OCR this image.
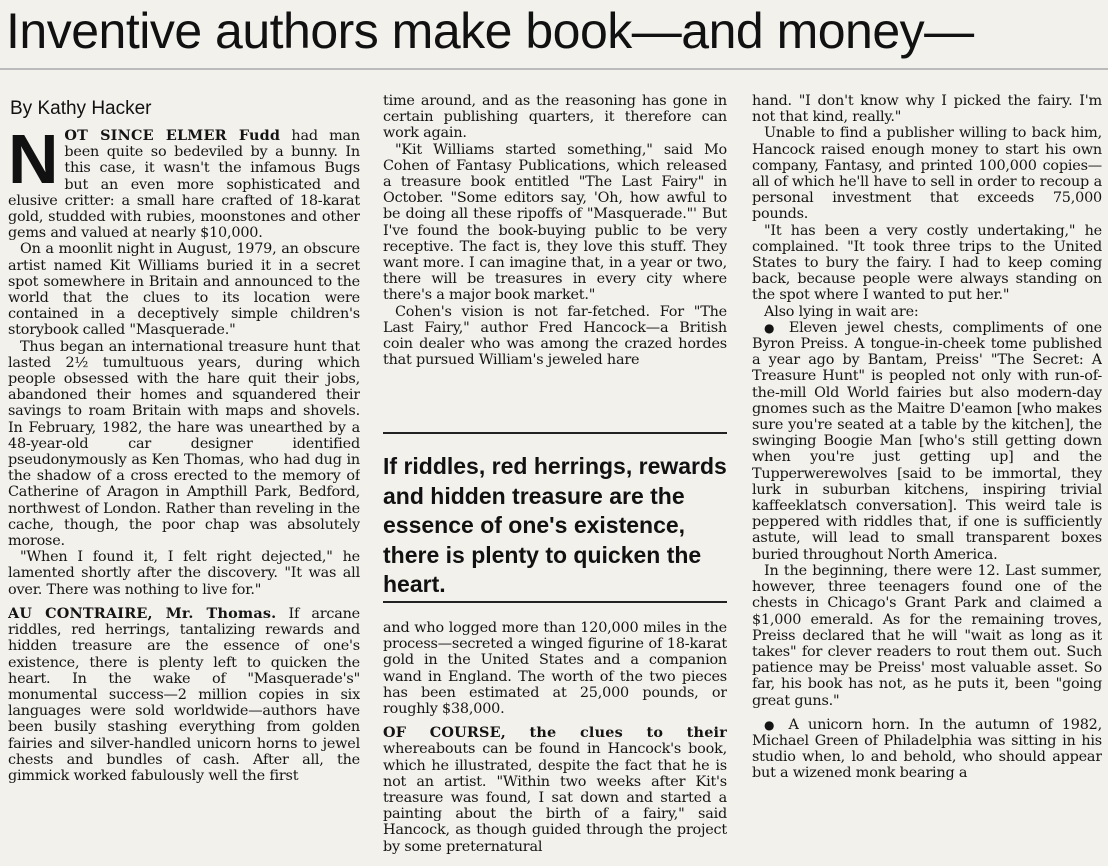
Inventive authors make book—and money—
By Kathy Hacker

NOT SINCE ELMER Fudd had man been quite so bedeviled by a bunny. In this case, it wasn't the infamous Bugs but an even more sophisticated and elusive critter: a small hare crafted of 18-karat gold, studded with rubies, moonstones and other gems and valued at nearly $10,000.

On a moonlit night in August, 1979, an obscure artist named Kit Williams buried it in a secret spot somewhere in Britain and announced to the world that the clues to its location were contained in a deceptively simple children's storybook called "Masquerade."

Thus began an international treasure hunt that lasted 2½ tumultuous years, during which people obsessed with the hare quit their jobs, abandoned their homes and squandered their savings to roam Britain with maps and shovels. In February, 1982, the hare was unearthed by a 48-year-old car designer identified pseudonymously as Ken Thomas, who had dug in the shadow of a cross erected to the memory of Catherine of Aragon in Ampthill Park, Bedford, northwest of London. Rather than reveling in the cache, though, the poor chap was absolutely morose.

"When I found it, I felt right dejected," he lamented shortly after the discovery. "It was all over. There was nothing to live for."

AU CONTRAIRE, Mr. Thomas. If arcane riddles, red herrings, tantalizing rewards and hidden treasure are the essence of one's existence, there is plenty left to quicken the heart. In the wake of "Masquerade's" monumental success—2 million copies in six languages were sold worldwide—authors have been busily stashing everything from golden fairies and silver-handled unicorn horns to jewel chests and bundles of cash. After all, the gimmick worked fabulously well the first

time around, and as the reasoning has gone in certain publishing quarters, it therefore can work again.

"Kit Williams started something," said Mo Cohen of Fantasy Publications, which released a treasure book entitled "The Last Fairy" in October. "Some editors say, 'Oh, how awful to be doing all these ripoffs of "Masquerade."' But I've found the book-buying public to be very receptive. The fact is, they love this stuff. They want more. I can imagine that, in a year or two, there will be treasures in every city where there's a major book market."

Cohen's vision is not far-fetched. For "The Last Fairy," author Fred Hancock—a British coin dealer who was among the crazed hordes that pursued William's jeweled hare

If riddles, red herrings, rewards and hidden treasure are the essence of one's existence, there is plenty to quicken the heart.

and who logged more than 120,000 miles in the process—secreted a winged figurine of 18-karat gold in the United States and a companion wand in England. The worth of the two pieces has been estimated at 25,000 pounds, or roughly $38,000.

OF COURSE, the clues to their whereabouts can be found in Hancock's book, which he illustrated, despite the fact that he is not an artist. "Within two weeks after Kit's treasure was found, I sat down and started a painting about the birth of a fairy," said Hancock, as though guided through the project by some preternatural

hand. "I don't know why I picked the fairy. I'm not that kind, really."

Unable to find a publisher willing to back him, Hancock raised enough money to start his own company, Fantasy, and printed 100,000 copies—all of which he'll have to sell in order to recoup a personal investment that exceeds 75,000 pounds.

"It has been a very costly undertaking," he complained. "It took three trips to the United States to bury the fairy. I had to keep coming back, because people were always standing on the spot where I wanted to put her."

Also lying in wait are:

● Eleven jewel chests, compliments of one Byron Preiss. A tongue-in-cheek tome published a year ago by Bantam, Preiss' "The Secret: A Treasure Hunt" is peopled not only with run-of-the-mill Old World fairies but also modern-day gnomes such as the Maitre D'eamon [who makes sure you're seated at a table by the kitchen], the swinging Boogie Man [who's still getting down when you're just getting up] and the Tupperwerewolves [said to be immortal, they lurk in suburban kitchens, inspiring trivial kaffeeklatsch conversation]. This weird tale is peppered with riddles that, if one is sufficiently astute, will lead to small transparent boxes buried throughout North America.

In the beginning, there were 12. Last summer, however, three teenagers found one of the chests in Chicago's Grant Park and claimed a $1,000 emerald. As for the remaining troves, Preiss declared that he will "wait as long as it takes" for clever readers to rout them out. Such patience may be Preiss' most valuable asset. So far, his book has not, as he puts it, been "going great guns."

● A unicorn horn. In the autumn of 1982, Michael Green of Philadelphia was sitting in his studio when, lo and behold, who should appear but a wizened monk bearing a
